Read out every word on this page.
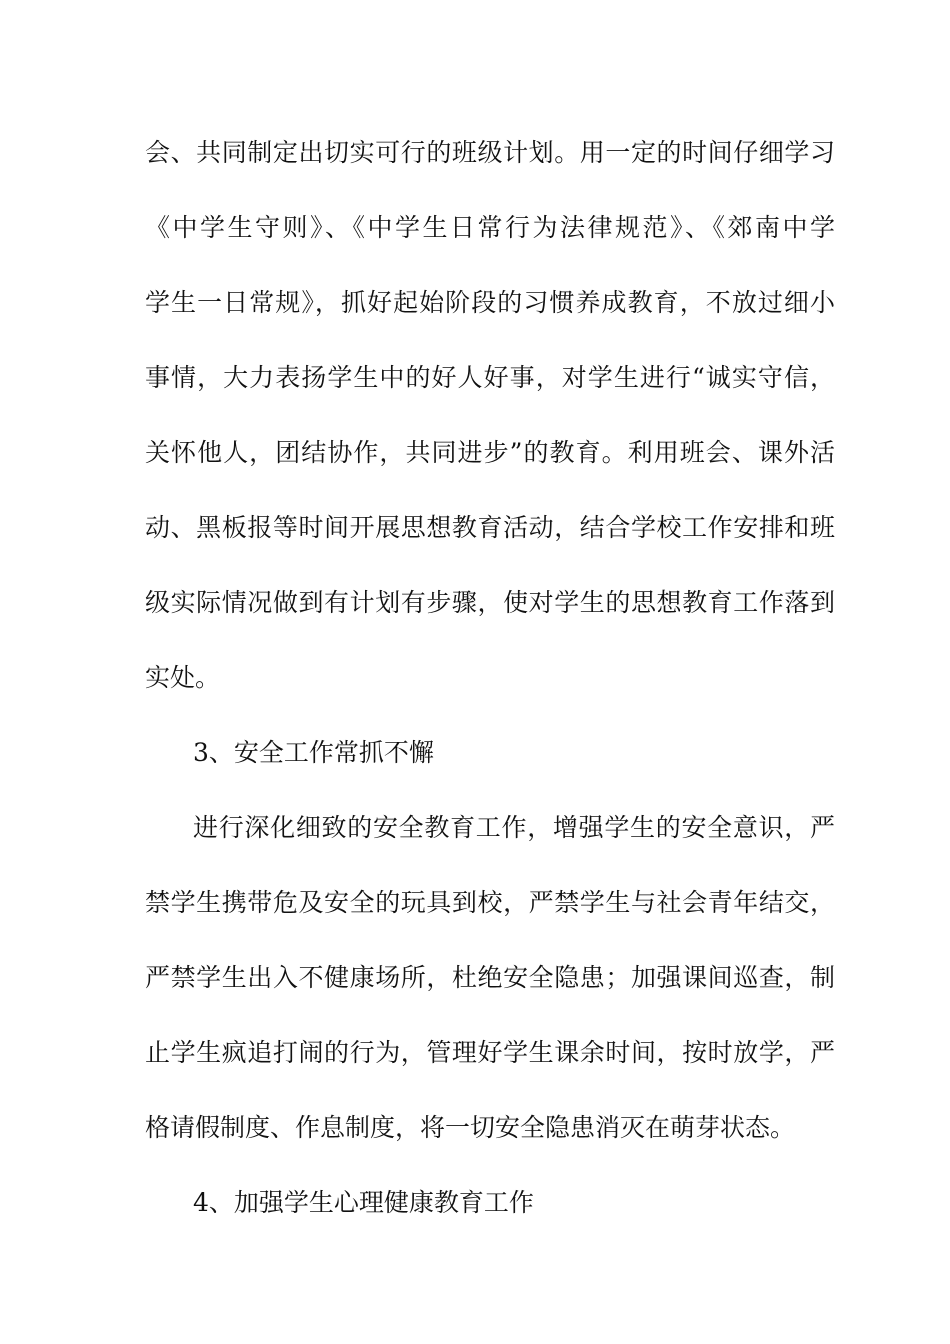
会、共同制定出切实可行的班级计划。用一定的时间仔细学习
《中学生守则》、《中学生日常行为法律规范》、《郊南中学
学生一日常规》，抓好起始阶段的习惯养成教育，不放过细小
事情，大力表扬学生中的好人好事，对学生进行“诚实守信，
关怀他人，团结协作，共同进步”的教育。利用班会、课外活
动、黑板报等时间开展思想教育活动，结合学校工作安排和班
级实际情况做到有计划有步骤，使对学生的思想教育工作落到
实处。
3、安全工作常抓不懈
进行深化细致的安全教育工作，增强学生的安全意识，严
禁学生携带危及安全的玩具到校，严禁学生与社会青年结交，
严禁学生出入不健康场所，杜绝安全隐患；加强课间巡查，制
止学生疯追打闹的行为，管理好学生课余时间，按时放学，严
格请假制度、作息制度，将一切安全隐患消灭在萌芽状态。
4、加强学生心理健康教育工作
